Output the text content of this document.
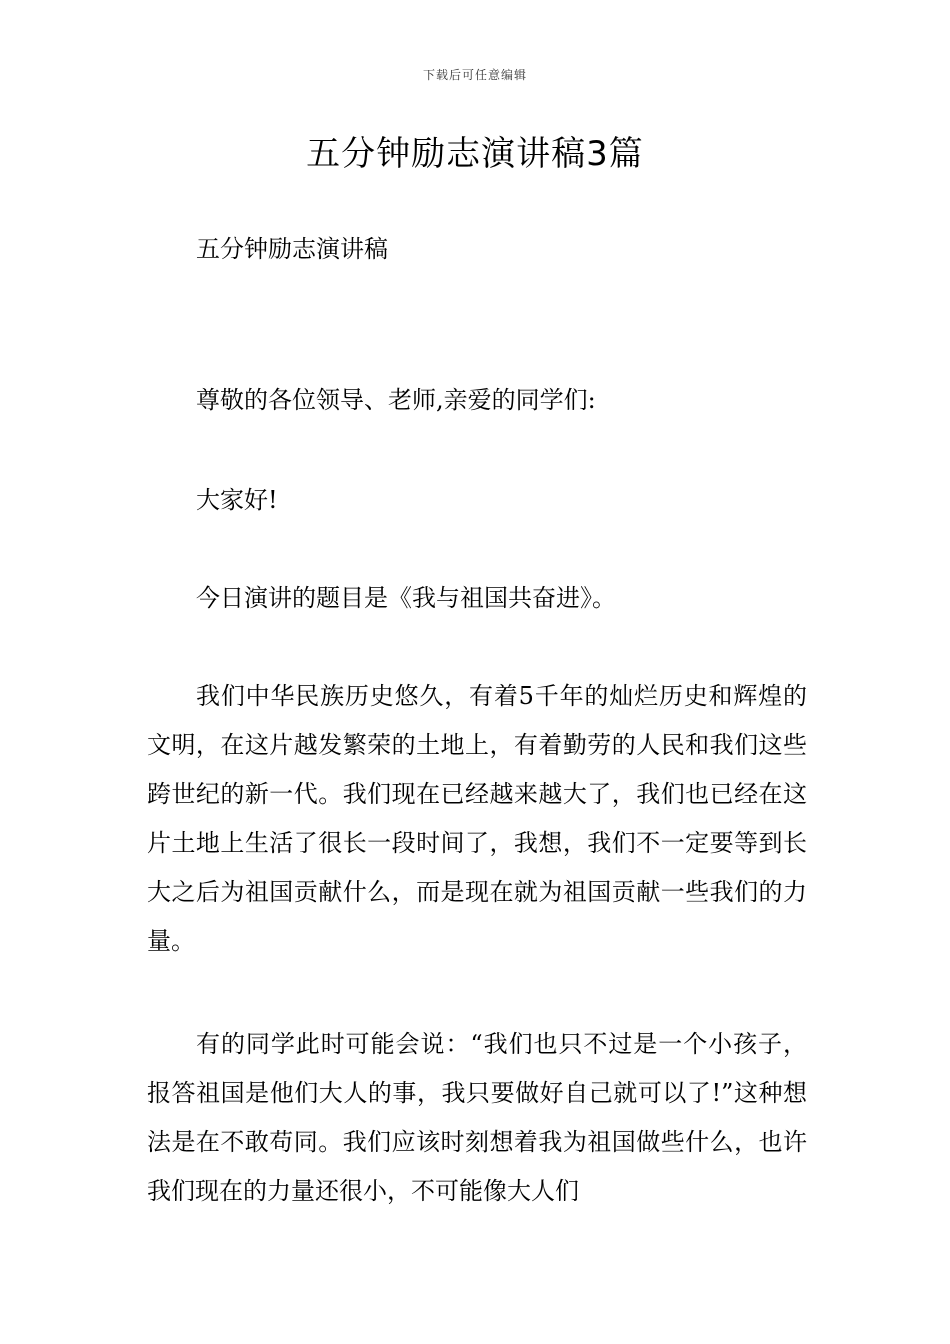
下载后可任意编辑
五分钟励志演讲稿3篇

五分钟励志演讲稿

尊敬的各位领导、老师,亲爱的同学们:

大家好!

今日演讲的题目是《我与祖国共奋进》。

我们中华民族历史悠久，有着5千年的灿烂历史和辉煌的文明，在这片越发繁荣的土地上，有着勤劳的人民和我们这些跨世纪的新一代。我们现在已经越来越大了，我们也已经在这片土地上生活了很长一段时间了，我想，我们不一定要等到长大之后为祖国贡献什么，而是现在就为祖国贡献一些我们的力量。

有的同学此时可能会说：“我们也只不过是一个小孩子，报答祖国是他们大人的事，我只要做好自己就可以了!”这种想法是在不敢苟同。我们应该时刻想着我为祖国做些什么，也许我们现在的力量还很小，不可能像大人们
